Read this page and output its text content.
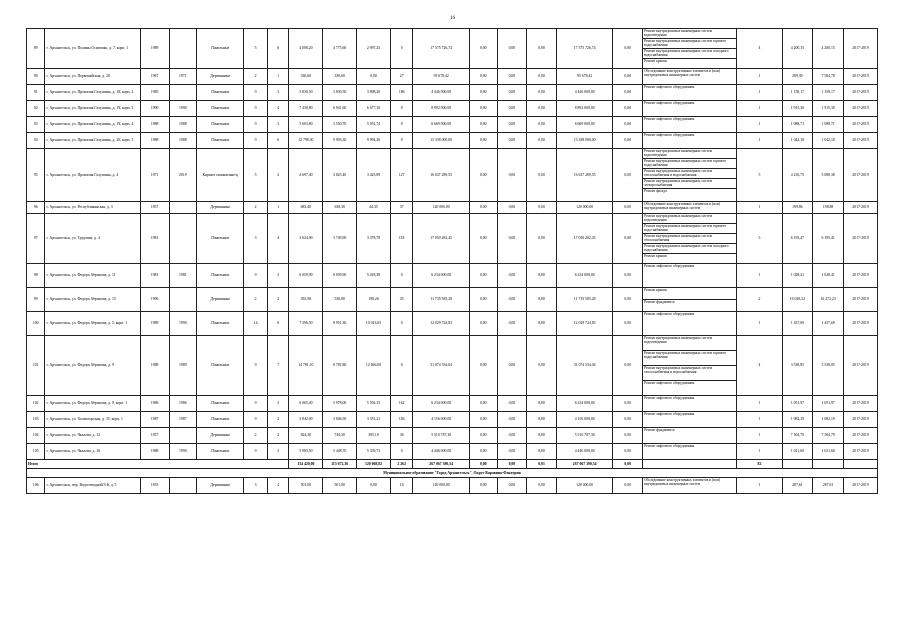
16
89	г. Архангельск, ул. Полины Осипенко, д. 7, корп. 1	1989		Панельные	5	6	4 008,20	4 775,60	2 997,25	0	17 575 726,74	0,00	0,00	0,00	17 575 726,74	0,00	Ремонт внутридомовых инженерных систем водоотведения
Ремонт внутридомовых инженерных систем горячего водоснабжения
Ремонт внутридомовых инженерных систем холодного водоснабжения
Ремонт крыши	4	4 200,15	4 200,15	2017-2019
90	г. Архангельск, ул. Первомайская, д. 20	1967	1971	Деревянные	2	1	330,60	330,60	0,00	27	95 678,42	0,00	0,00	0,00	95 678,42	0,00	Обследование конструктивных элементов и (или) внутридомовых инженерных систем	1	289,39	7 584,78	2017-2019
91	г. Архангельск, ул. Прокопия Галушина, д. 18, корп. 2	1985		Панельные	9	3	3 830,50	3 830,50	3 808,20	186	4 446 000,00	0,00	0,00	0,00	4 446 000,00	0,00	Ремонт лифтового оборудования	1	1 158,17	1 158,17	2017-2019
92	г. Архангельск, ул. Прокопия Галушина, д. 19, корп. 3	1990	1990	Панельные	9	4	7 430,80	6 941,60	6 677,10	0	8 892 000,00	0,00	0,00	0,00	8 892 000,00	0,00	Ремонт лифтового оборудования	1	1 915,30	1 915,30	2017-2019
93	г. Архангельск, ул. Прокопия Галушина, д. 19, корп. 4	1988	1988	Панельные	9	3	5 603,80	3 550,70	5 051,74	0	6 669 000,00	0,00	0,00	0,00	6 669 000,00	0,00	Ремонт лифтового оборудования	1	1 088,71	1 088,71	2017-2019
94	г. Архангельск, ул. Прокопия Галушина, д. 20, корп. 1	1988	1988	Панельные	9	6	12 798,30	9 903,30	9 994,26	0	13 338 000,00	0,00	0,00	0,00	13 338 000,00	0,00	Ремонт лифтового оборудования	1	1 042,18	1 042,18	2017-2019
95	г. Архангельск, ул. Прокопия Галушина, д. 4	1971	2019	Кирпич силикатные/ц	5	2	4 697,40	3 825,40	3 425,89	127	16 637 289,55	0,00	0,00	0,00	16 637 289,55	0,00	Ремонт внутридомовых инженерных систем водоотведения
Ремонт внутридомовых инженерных систем горячего водоснабжения
Ремонт внутридомовых инженерных систем теплоснабжения и водоснабжения
Ремонт внутридомовых инженерных систем электроснабжения
Ремонт фасада	5	4 216,75	5 088,38	2017-2019
96	г. Архангельск, ул. Республиканская, д. 3	1957		Деревянные	2	1	683,40	638,30	44,35	37	120 000,00	0,00	0,00	0,00	120 000,00	0,00	Обследование конструктивных элементов и (или) внутридомовых инженерных систем	1	199,86	198,88	2017-2019
97	г. Архангельск, ул. Трудовая, д. 4	1981		Панельные	3	4	3 624,00	3 749,90	3 378,79	118	17 050 282,45	0,00	0,00	0,00	17 050 282,45	0,00	Ремонт внутридомовых инженерных систем водоотведения
Ремонт внутридомовых инженерных систем горячего водоснабжения
Ремонт внутридомовых инженерных систем теплоснабжения
Ремонт внутридомовых инженерных систем холодного водоснабжения
Ремонт крыши	5	6 195,47	6 195,41	2017-2019
98	г. Архангельск, ул. Федора Абрамова, д. 11	1981	1981	Панельные	9	3	6 059,90	6 059,90	5 418,38	0	6 234 000,00	0,00	0,00	0,00	6 234 000,00	0,00	Ремонт лифтового оборудования	1	1 028,41	1 028,41	2017-2019
99	г. Архангельск, ул. Федора Абрамова, д. 15	1996		Деревянные	2	2	392,90	530,80	198,26	45	11 735 585,28	0,00	0,00	0,00	11 735 585,28	0,00	Ремонт крыши
Ремонт фундамента	2	16 028,32	16 272,23	2017-2019
100	г. Архангельск, ул. Федора Абрамова, д. 5, корп. 1	1989	1990	Панельные	14	6	7 396,50	8 951,30	10 023,65	0	12 029 724,83	0,00	0,00	0,00	12 029 724,83	0,00	Ремонт лифтового оборудования	1	1 437,69	1 437,69	2017-2019
101	г. Архангельск, ул. Федора Абрамова, д. 9	1988	1989	Панельные	9	7	14 781,10	8 781,80	12 466,00	0	31 074 534,04	0,00	0,00	0,00	31 074 534,04	0,00	Ремонт внутридомовых инженерных систем водоотведения
Ремонт внутридомовых инженерных систем горячего водоснабжения
Ремонт внутридомовых инженерных систем теплоснабжения и водоснабжения
Ремонт лифтового оборудования	4	3 538,85	3 538,85	2017-2019
102	г. Архангельск, ул. Федора Абрамова, д. 9, корп. 1	1986	1986	Панельные	9	3	6 065,40	5 978,00	5 592,15	162	6 234 000,00	0,00	0,00	0,00	6 234 000,00	0,00	Ремонт лифтового оборудования	1	1 051,97	1 051,97	2017-2019
103	г. Архангельск, ул. Холмогорская, д. 35, корп. 1	1987	1987	Панельные	9	2	3 842,00	3 846,50	3 351,21	184	4 156 000,00	0,00	0,00	0,00	4 156 000,00	0,00	Ремонт лифтового оборудования	1	1 082,19	1 082,19	2017-2019
104	г. Архангельск, ул. Чкалова, д. 12	1957		Деревянные	2	2	824,30	744,30	385,10	36	5 510 787,30	0,00	0,00	0,00	5 510 787,30	0,00	Ремонт фундамента	1	7 504,79	7 504,79	2017-2019
105	г. Архангельск, ул. Чкалова, д. 16	1988	1990	Панельные	9	3	5 983,50	5 448,70	5 339,73	0	4 446 000,00	0,00	0,00	0,00	4 446 000,00	0,00	Ремонт лифтового оборудования	1	1 021,60	1 021,60	2017-2019
Итого							134 420,00	115 072,36	120 068,82	2 262	267 067 390,54	0,00	0,00	0,01	267 067 390,54	0,00		82			
Муниципальное образование "Город Архангельск". Округ Варавино-Фактория																					
106	г. Архангельск, пер. Водоотводной/3-й, д. 5	1953		Деревянные	3	4	501,00	501,00	0,00	16	120 000,00	0,00	0,00	0,00	120 000,00	0,00	Обследование конструктивных элементов и (или) внутридомовых инженерных систем	1	287,61	287,61	2017-2019
